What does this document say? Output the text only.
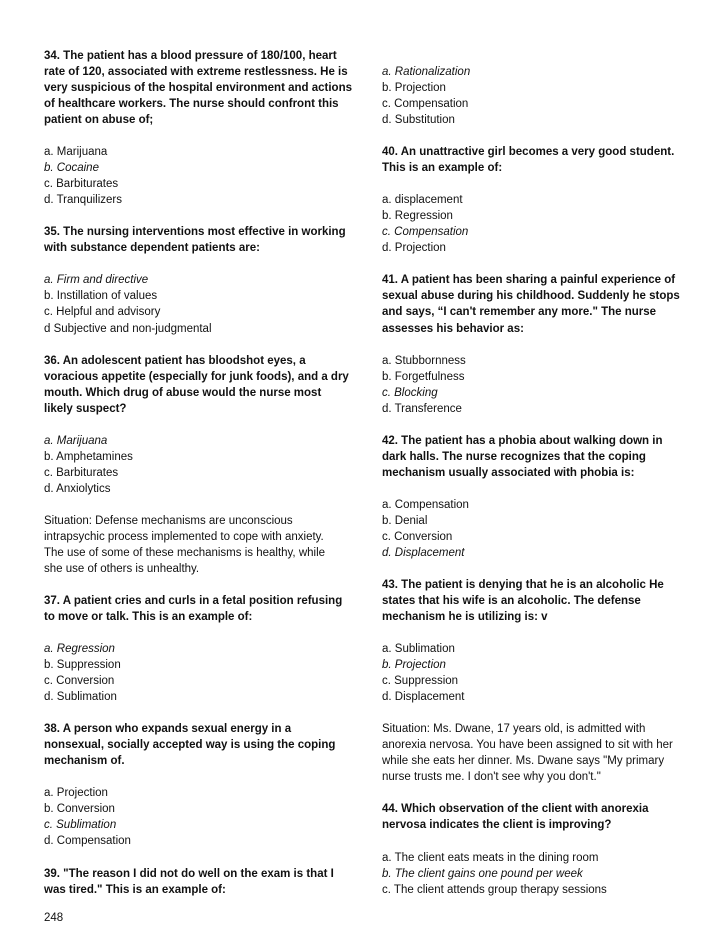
34. The patient has a blood pressure of 180/100, heart
rate of 120, associated with extreme restlessness. He is
very suspicious of the hospital environment and actions
of healthcare workers. The nurse should confront this
patient on abuse of;
a. Marijuana
b. Cocaine
c. Barbiturates
d. Tranquilizers
35. The nursing interventions most effective in working
with substance dependent patients are:
a. Firm and directive
b. Instillation of values
c. Helpful and advisory
d Subjective and non-judgmental
36. An adolescent patient has bloodshot eyes, a
voracious appetite (especially for junk foods), and a dry
mouth. Which drug of abuse would the nurse most
likely suspect?
a. Marijuana
b. Amphetamines
c. Barbiturates
d. Anxiolytics
Situation: Defense mechanisms are unconscious
intrapsychic process implemented to cope with anxiety.
The use of some of these mechanisms is healthy, while
she use of others is unhealthy.
37. A patient cries and curls in a fetal position refusing
to move or talk. This is an example of:
a. Regression
b. Suppression
c. Conversion
d. Sublimation
38. A person who expands sexual energy in a
nonsexual, socially accepted way is using the coping
mechanism of.
a. Projection
b. Conversion
c. Sublimation
d. Compensation
39. "The reason I did not do well on the exam is that I
was tired." This is an example of:
a. Rationalization
b. Projection
c. Compensation
d. Substitution
40. An unattractive girl becomes a very good student.
This is an example of:
a. displacement
b. Regression
c. Compensation
d. Projection
41. A patient has been sharing a painful experience of
sexual abuse during his childhood. Suddenly he stops
and says, “I can't remember any more." The nurse
assesses his behavior as:
a. Stubbornness
b. Forgetfulness
c. Blocking
d. Transference
42. The patient has a phobia about walking down in
dark halls. The nurse recognizes that the coping
mechanism usually associated with phobia is:
a. Compensation
b. Denial
c. Conversion
d. Displacement
43. The patient is denying that he is an alcoholic He
states that his wife is an alcoholic. The defense
mechanism he is utilizing is: v
a. Sublimation
b. Projection
c. Suppression
d. Displacement
Situation: Ms. Dwane, 17 years old, is admitted with
anorexia nervosa. You have been assigned to sit with her
while she eats her dinner. Ms. Dwane says "My primary
nurse trusts me. I don't see why you don't."
44. Which observation of the client with anorexia
nervosa indicates the client is improving?
a. The client eats meats in the dining room
b. The client gains one pound per week
c. The client attends group therapy sessions
248
